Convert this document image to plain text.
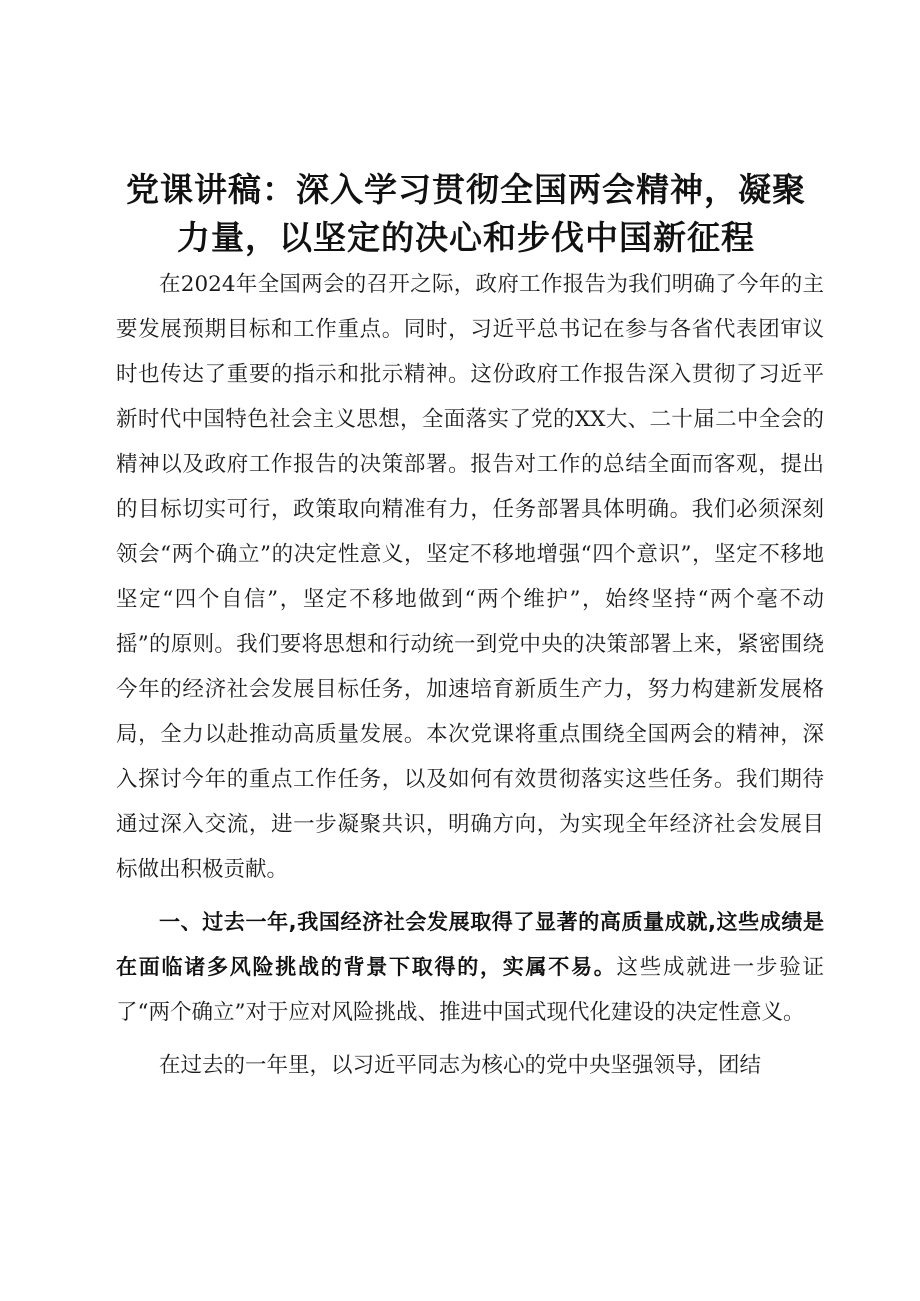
党课讲稿：深入学习贯彻全国两会精神，凝聚
力量，以坚定的决心和步伐中国新征程

在2024年全国两会的召开之际，政府工作报告为我们明确了今年的主要发展预期目标和工作重点。同时，习近平总书记在参与各省代表团审议时也传达了重要的指示和批示精神。这份政府工作报告深入贯彻了习近平新时代中国特色社会主义思想，全面落实了党的XX大、二十届二中全会的精神以及政府工作报告的决策部署。报告对工作的总结全面而客观，提出的目标切实可行，政策取向精准有力，任务部署具体明确。我们必须深刻领会“两个确立”的决定性意义，坚定不移地增强“四个意识”，坚定不移地坚定“四个自信”，坚定不移地做到“两个维护”，始终坚持“两个毫不动摇”的原则。我们要将思想和行动统一到党中央的决策部署上来，紧密围绕今年的经济社会发展目标任务，加速培育新质生产力，努力构建新发展格局，全力以赴推动高质量发展。本次党课将重点围绕全国两会的精神，深入探讨今年的重点工作任务，以及如何有效贯彻落实这些任务。我们期待通过深入交流，进一步凝聚共识，明确方向，为实现全年经济社会发展目标做出积极贡献。

一、过去一年,我国经济社会发展取得了显著的高质量成就,这些成绩是在面临诸多风险挑战的背景下取得的，实属不易。这些成就进一步验证了“两个确立”对于应对风险挑战、推进中国式现代化建设的决定性意义。

在过去的一年里，以习近平同志为核心的党中央坚强领导，团结
